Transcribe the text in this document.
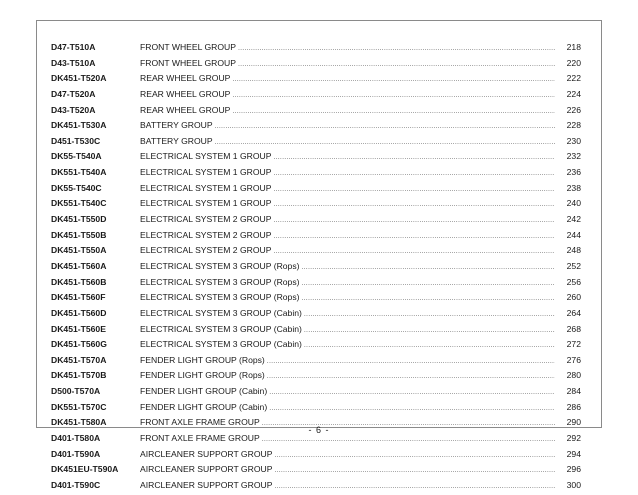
D47-T510A	FRONT WHEEL GROUP .....	218
D43-T510A	FRONT WHEEL GROUP .....	220
DK451-T520A	REAR WHEEL GROUP .....	222
D47-T520A	REAR WHEEL GROUP .....	224
D43-T520A	REAR WHEEL GROUP .....	226
DK451-T530A	BATTERY GROUP .....	228
D451-T530C	BATTERY GROUP .....	230
DK55-T540A	ELECTRICAL SYSTEM 1 GROUP .....	232
DK551-T540A	ELECTRICAL SYSTEM 1 GROUP .....	236
DK55-T540C	ELECTRICAL SYSTEM 1 GROUP .....	238
DK551-T540C	ELECTRICAL SYSTEM 1 GROUP .....	240
DK451-T550D	ELECTRICAL SYSTEM 2 GROUP .....	242
DK451-T550B	ELECTRICAL SYSTEM 2 GROUP .....	244
DK451-T550A	ELECTRICAL SYSTEM 2 GROUP .....	248
DK451-T560A	ELECTRICAL SYSTEM 3 GROUP (Rops) .....	252
DK451-T560B	ELECTRICAL SYSTEM 3 GROUP (Rops) .....	256
DK451-T560F	ELECTRICAL SYSTEM 3 GROUP (Rops) .....	260
DK451-T560D	ELECTRICAL SYSTEM 3 GROUP (Cabin) .....	264
DK451-T560E	ELECTRICAL SYSTEM 3 GROUP (Cabin) .....	268
DK451-T560G	ELECTRICAL SYSTEM 3 GROUP (Cabin) .....	272
DK451-T570A	FENDER LIGHT GROUP (Rops) .....	276
DK451-T570B	FENDER LIGHT GROUP (Rops) .....	280
D500-T570A	FENDER LIGHT GROUP (Cabin) .....	284
DK551-T570C	FENDER LIGHT GROUP (Cabin) .....	286
DK451-T580A	FRONT AXLE FRAME GROUP .....	290
D401-T580A	FRONT AXLE FRAME GROUP .....	292
D401-T590A	AIRCLEANER SUPPORT GROUP .....	294
DK451EU-T590A	AIRCLEANER SUPPORT GROUP .....	296
D401-T590C	AIRCLEANER SUPPORT GROUP .....	300
- 6 -
